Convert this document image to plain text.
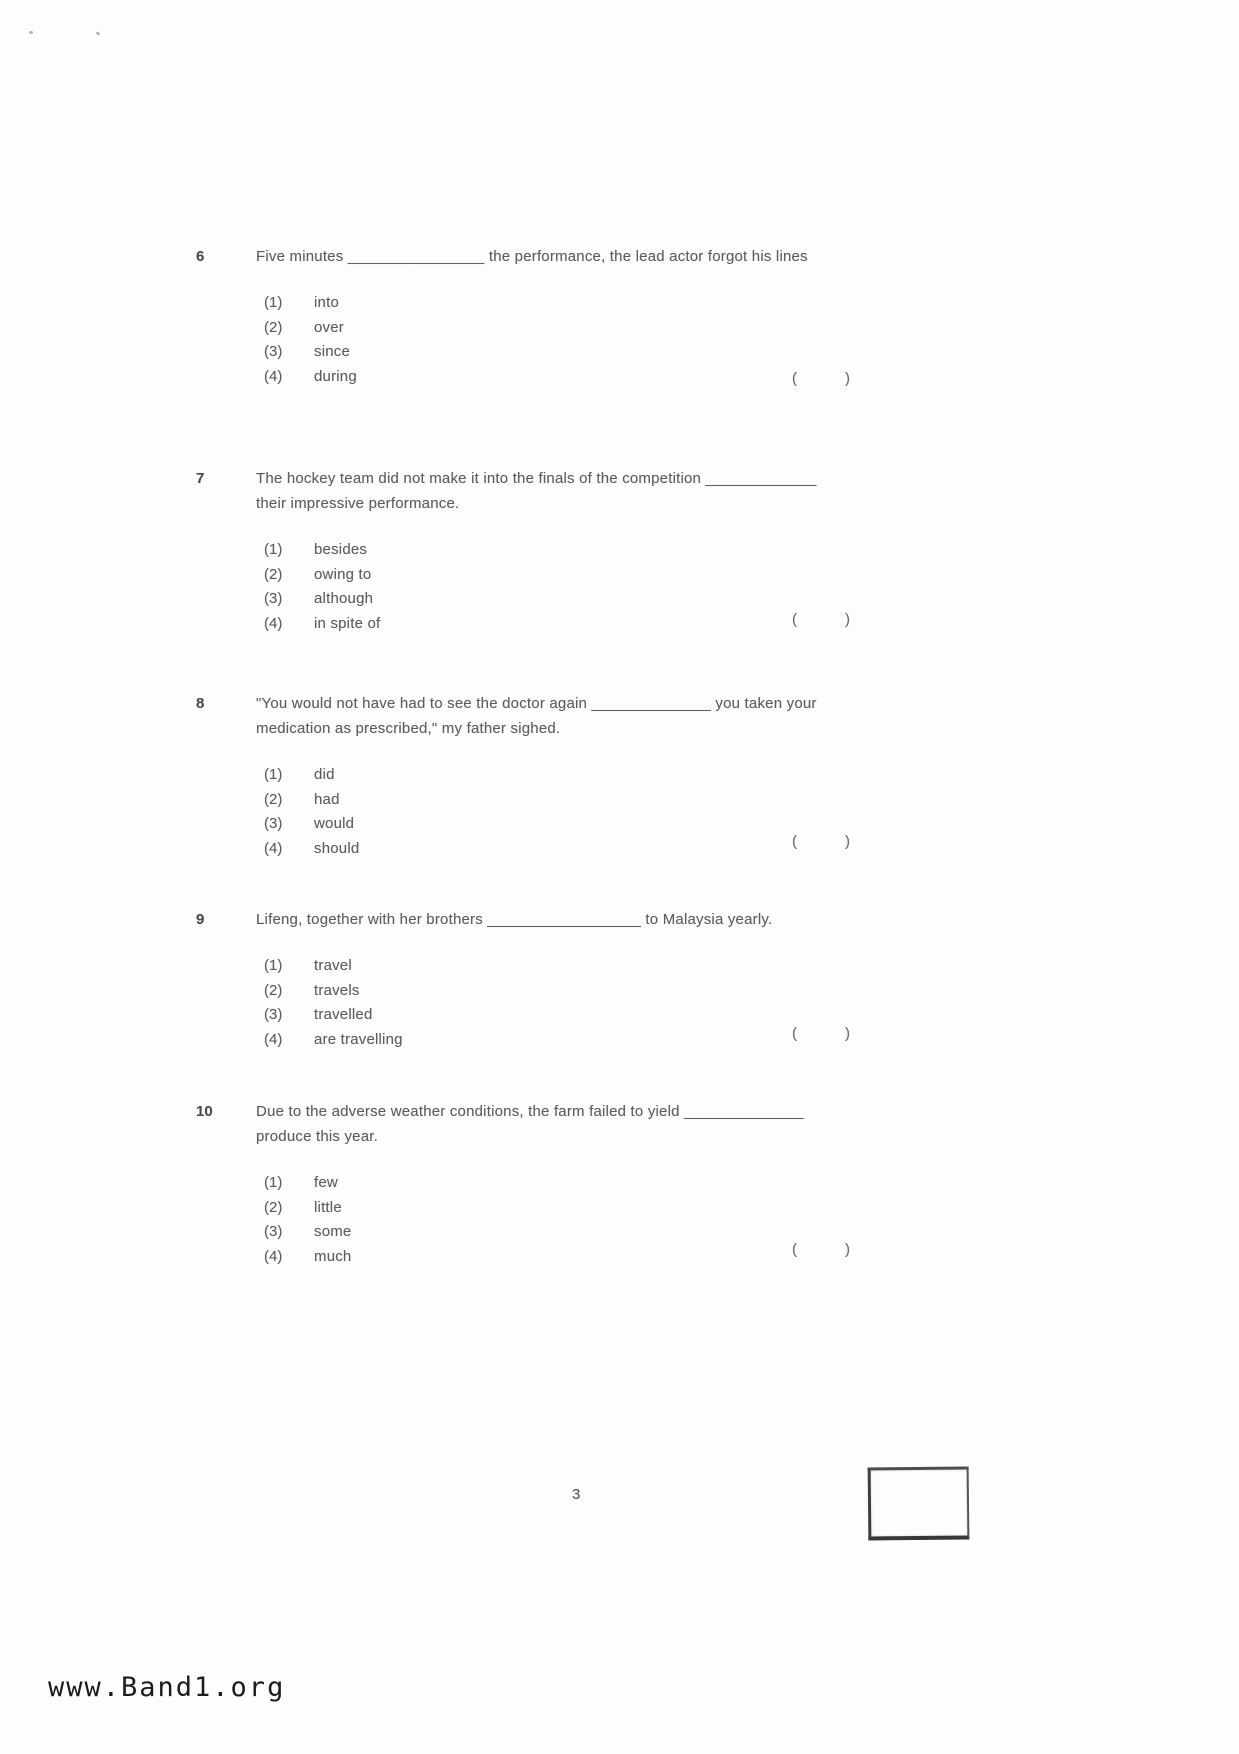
6	Five minutes ________________ the performance, the lead actor forgot his lines
(1)	into
(2)	over
(3)	since
(4)	during	(	)
7	The hockey team did not make it into the finals of the competition _____________
their impressive performance.
(1)	besides
(2)	owing to
(3)	although
(4)	in spite of	(	)
8	"You would not have had to see the doctor again ______________ you taken your
medication as prescribed," my father sighed.
(1)	did
(2)	had
(3)	would
(4)	should	(	)
9	Lifeng, together with her brothers __________________ to Malaysia yearly.
(1)	travel
(2)	travels
(3)	travelled
(4)	are travelling	(	)
10	Due to the adverse weather conditions, the farm failed to yield ______________
produce this year.
(1)	few
(2)	little
(3)	some
(4)	much	(	)
3
www.Band1.org
